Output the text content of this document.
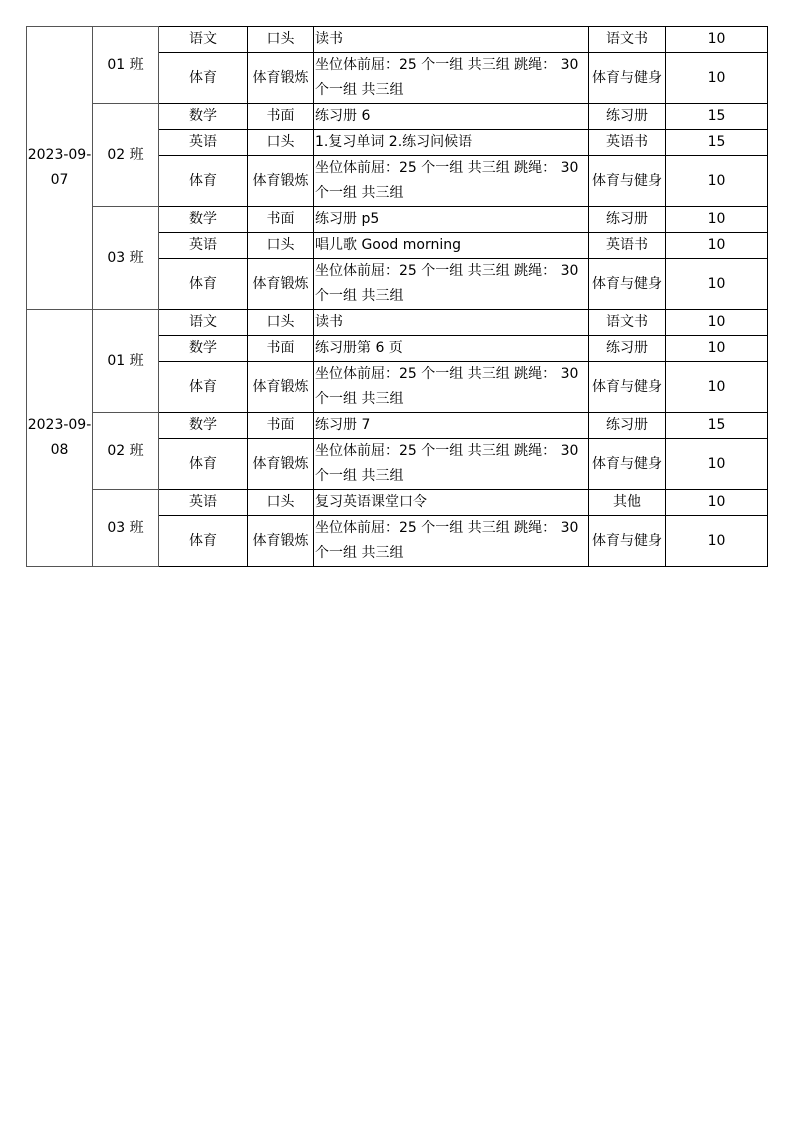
2023-09-07	01 班	语文	口头	读书	语文书	10
		体育	体育锻炼	坐位体前屈：25 个一组 共三组 跳绳： 30 个一组 共三组	体育与健身	10
	02 班	数学	书面	练习册 6	练习册	15
		英语	口头	1.复习单词 2.练习问候语	英语书	15
		体育	体育锻炼	坐位体前屈：25 个一组 共三组 跳绳： 30 个一组 共三组	体育与健身	10
	03 班	数学	书面	练习册 p5	练习册	10
		英语	口头	唱儿歌 Good morning	英语书	10
		体育	体育锻炼	坐位体前屈：25 个一组 共三组 跳绳： 30 个一组 共三组	体育与健身	10
2023-09-08	01 班	语文	口头	读书	语文书	10
		数学	书面	练习册第 6 页	练习册	10
		体育	体育锻炼	坐位体前屈：25 个一组 共三组 跳绳： 30 个一组 共三组	体育与健身	10
	02 班	数学	书面	练习册 7	练习册	15
		体育	体育锻炼	坐位体前屈：25 个一组 共三组 跳绳： 30 个一组 共三组	体育与健身	10
	03 班	英语	口头	复习英语课堂口令	其他	10
		体育	体育锻炼	坐位体前屈：25 个一组 共三组 跳绳： 30 个一组 共三组	体育与健身	10
